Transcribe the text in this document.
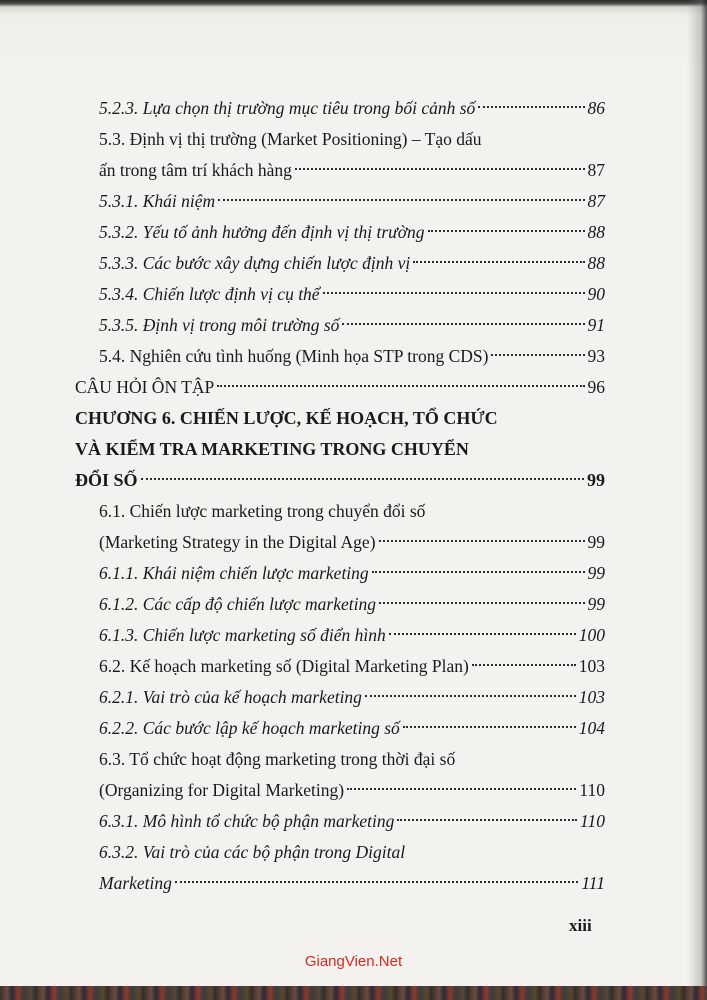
5.2.3. Lựa chọn thị trường mục tiêu trong bối cảnh số	86
5.3. Định vị thị trường (Market Positioning) – Tạo dấu
ấn trong tâm trí khách hàng	87
5.3.1. Khái niệm	87
5.3.2. Yếu tố ảnh hưởng đến định vị thị trường	88
5.3.3. Các bước xây dựng chiến lược định vị	88
5.3.4. Chiến lược định vị cụ thể	90
5.3.5. Định vị trong môi trường số	91
5.4. Nghiên cứu tình huống (Minh họa STP trong CDS)	93
CÂU HỎI ÔN TẬP	96
CHƯƠNG 6. CHIẾN LƯỢC, KẾ HOẠCH, TỔ CHỨC
VÀ KIỂM TRA MARKETING TRONG CHUYỂN
ĐỔI SỐ	99
6.1. Chiến lược marketing trong chuyển đổi số
(Marketing Strategy in the Digital Age)	99
6.1.1. Khái niệm chiến lược marketing	99
6.1.2. Các cấp độ chiến lược marketing	99
6.1.3. Chiến lược marketing số điển hình	100
6.2. Kế hoạch marketing số (Digital Marketing Plan)	103
6.2.1. Vai trò của kế hoạch marketing	103
6.2.2. Các bước lập kế hoạch marketing số	104
6.3. Tổ chức hoạt động marketing trong thời đại số
(Organizing for Digital Marketing)	110
6.3.1. Mô hình tổ chức bộ phận marketing	110
6.3.2. Vai trò của các bộ phận trong Digital
Marketing	111
xiii
GiangVien.Net
